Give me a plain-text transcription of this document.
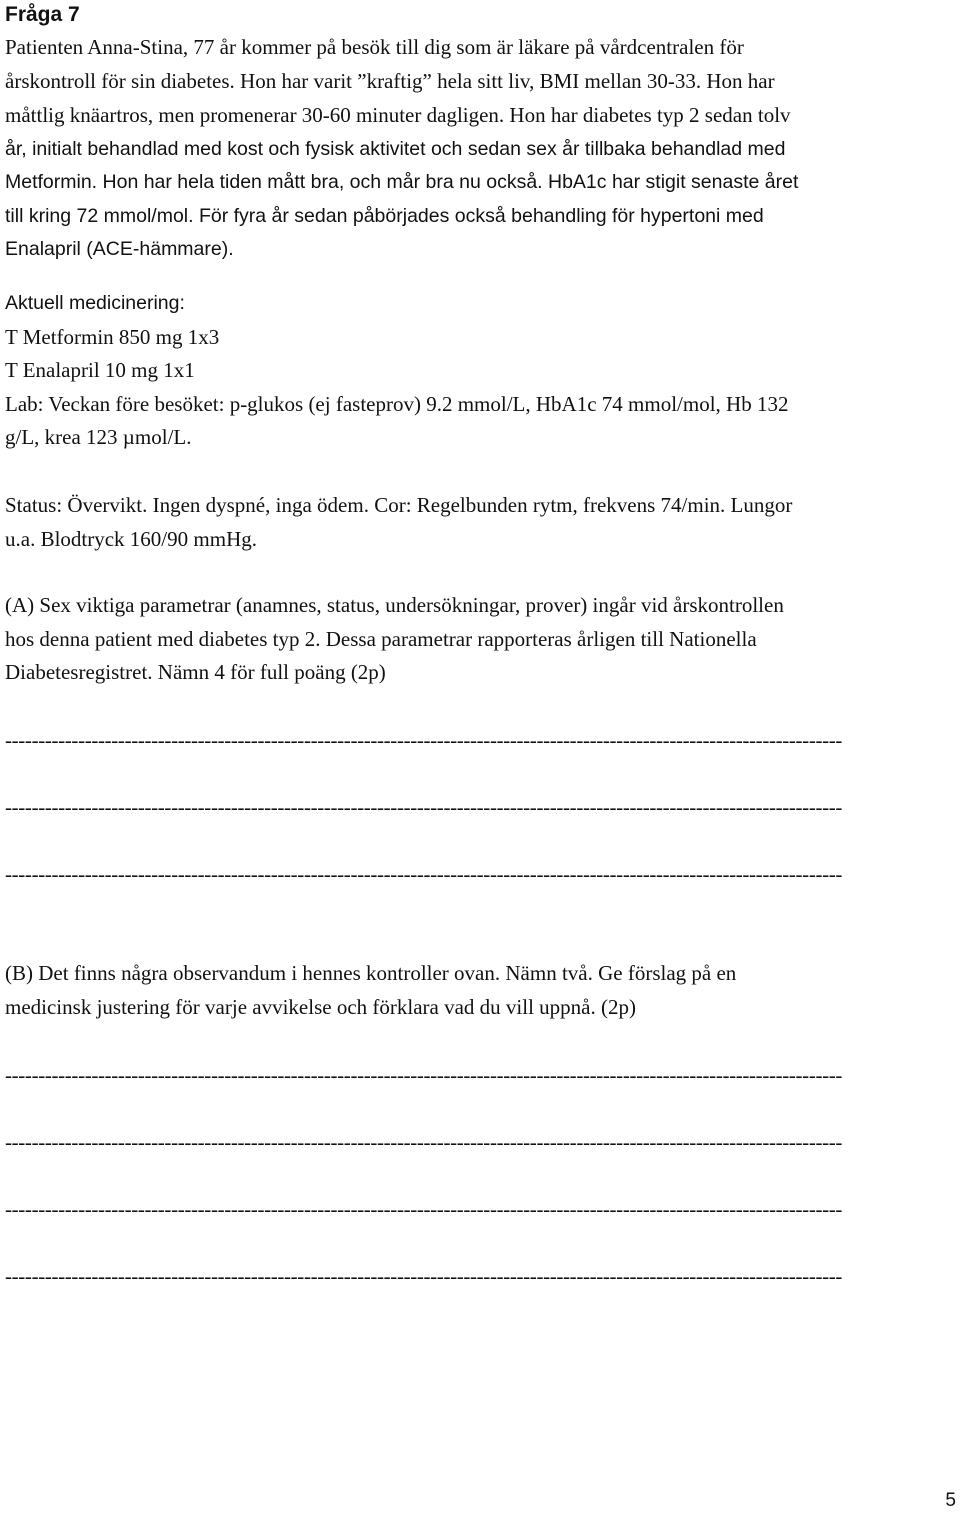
Fråga 7
Patienten Anna-Stina, 77 år kommer på besök till dig som är läkare på vårdcentralen för
årskontroll för sin diabetes. Hon har varit ”kraftig” hela sitt liv, BMI mellan 30-33. Hon har
måttlig knäartros, men promenerar 30-60 minuter dagligen. Hon har diabetes typ 2 sedan tolv
år, initialt behandlad med kost och fysisk aktivitet och sedan sex år tillbaka behandlad med
Metformin. Hon har hela tiden mått bra, och mår bra nu också. HbA1c har stigit senaste året
till kring 72 mmol/mol. För fyra år sedan påbörjades också behandling för hypertoni med
Enalapril (ACE-hämmare).
Aktuell medicinering:
T Metformin 850 mg 1x3
T Enalapril 10 mg 1x1
Lab: Veckan före besöket: p-glukos (ej fasteprov) 9.2 mmol/L, HbA1c 74 mmol/mol, Hb 132
g/L, krea 123 µmol/L.
Status: Övervikt. Ingen dyspné, inga ödem. Cor: Regelbunden rytm, frekvens 74/min. Lungor
u.a. Blodtryck 160/90 mmHg.
(A) Sex viktiga parametrar (anamnes, status, undersökningar, prover) ingår vid årskontrollen
hos denna patient med diabetes typ 2. Dessa parametrar rapporteras årligen till Nationella
Diabetesregistret. Nämn 4 för full poäng (2p)
------------------------------------------------------------------------------------------------------------------------------
------------------------------------------------------------------------------------------------------------------------------
------------------------------------------------------------------------------------------------------------------------------
(B) Det finns några observandum i hennes kontroller ovan. Nämn två. Ge förslag på en
medicinsk justering för varje avvikelse och förklara vad du vill uppnå. (2p)
------------------------------------------------------------------------------------------------------------------------------
------------------------------------------------------------------------------------------------------------------------------
------------------------------------------------------------------------------------------------------------------------------
------------------------------------------------------------------------------------------------------------------------------
5
